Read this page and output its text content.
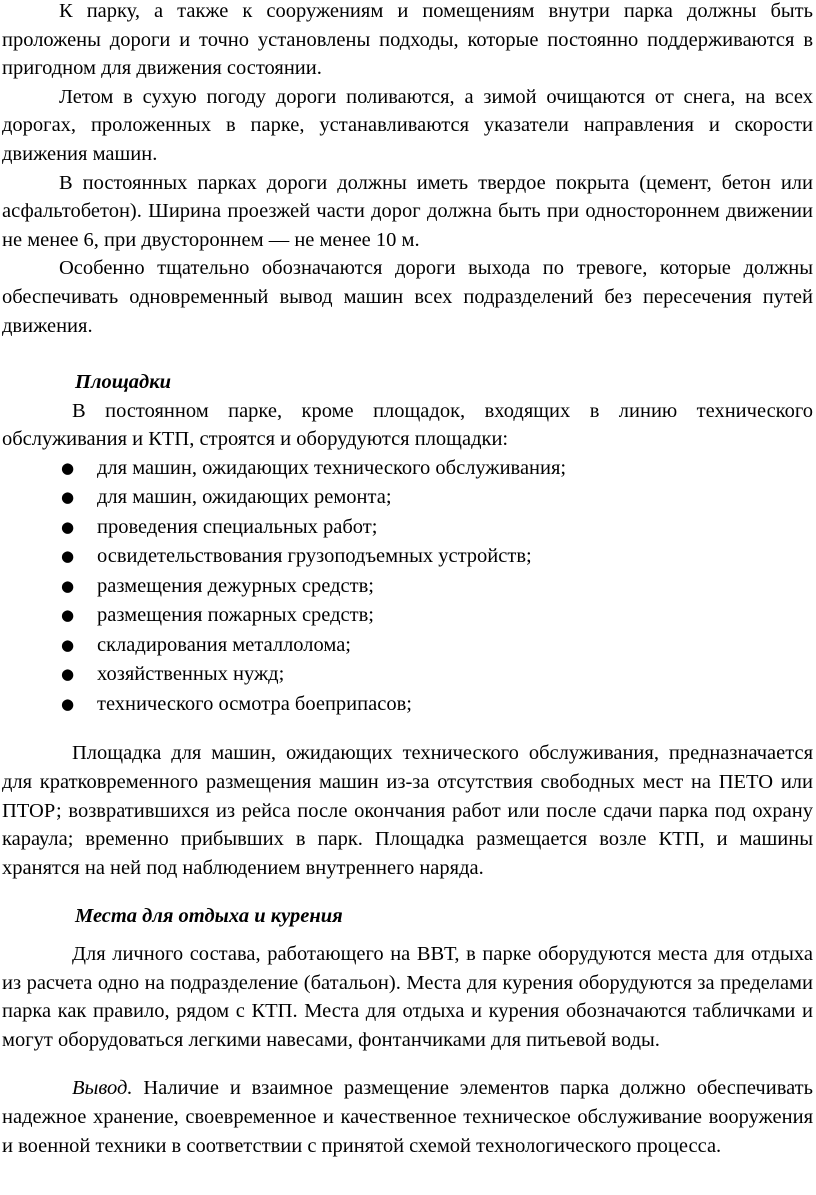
К парку, а также к сооружениям и помещениям внутри парка должны быть проложены дороги и точно установлены подходы, которые постоянно поддерживаются в пригодном для движения состоянии.

Летом в сухую погоду дороги поливаются, а зимой очищаются от снега, на всех дорогах, проложенных в парке, устанавливаются указатели направления и скорости движения машин.

В постоянных парках дороги должны иметь твердое покрыта (цемент, бетон или асфальтобетон). Ширина проезжей части дорог должна быть при одностороннем движении не менее 6, при двустороннем — не менее 10 м.

Особенно тщательно обозначаются дороги выхода по тревоге, которые должны обеспечивать одновременный вывод машин всех подразделений без пересечения путей движения.

Площадки

В постоянном парке, кроме площадок, входящих в линию технического обслуживания и КТП, строятся и оборудуются площадки:

● для машин, ожидающих технического обслуживания;
● для машин, ожидающих ремонта;
● проведения специальных работ;
● освидетельствования грузоподъемных устройств;
● размещения дежурных средств;
● размещения пожарных средств;
● складирования металлолома;
● хозяйственных нужд;
● технического осмотра боеприпасов;

Площадка для машин, ожидающих технического обслуживания, предназначается для кратковременного размещения машин из-за отсутствия свободных мест на ПЕТО или ПТОР; возвратившихся из рейса после окончания работ или после сдачи парка под охрану караула; временно прибывших в парк. Площадка размещается возле КТП, и машины хранятся на ней под наблюдением внутреннего наряда.

Места для отдыха и курения

Для личного состава, работающего на ВВТ, в парке оборудуются места для отдыха из расчета одно на подразделение (батальон). Места для курения оборудуются за пределами парка как правило, рядом с КТП. Места для отдыха и курения обозначаются табличками и могут оборудоваться легкими навесами, фонтанчиками для питьевой воды.

Вывод. Наличие и взаимное размещение элементов парка должно обеспечивать надежное хранение, своевременное и качественное техническое обслуживание вооружения и военной техники в соответствии с принятой схемой технологического процесса.
